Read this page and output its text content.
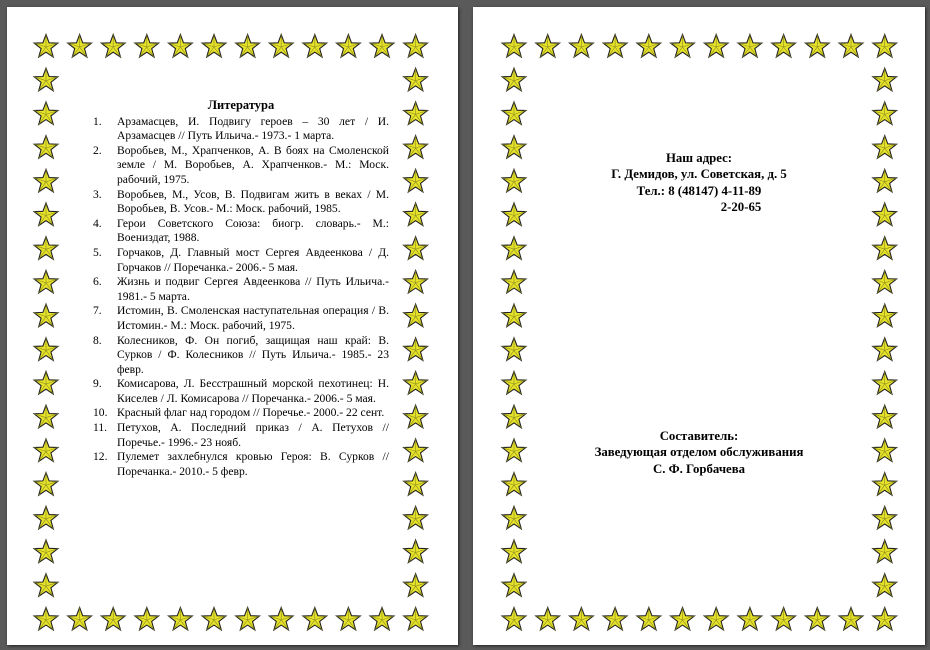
Литература
1.	Арзамасцев, И. Подвигу героев – 30 лет / И. Арзамасцев // Путь Ильича.- 1973.- 1 марта.
2.	Воробьев, М., Храпченков, А. В боях на Смоленской земле / М. Воробьев, А. Храпченков.- М.: Моск. рабочий, 1975.
3.	Воробьев, М., Усов, В. Подвигам жить в веках / М. Воробьев, В. Усов.- М.: Моск. рабочий, 1985.
4.	Герои Советского Союза: биогр. словарь.- М.: Воениздат, 1988.
5.	Горчаков, Д. Главный мост Сергея Авдеенкова / Д. Горчаков // Поречанка.- 2006.- 5 мая.
6.	Жизнь и подвиг Сергея Авдеенкова // Путь Ильича.- 1981.- 5 марта.
7.	Истомин, В. Смоленская наступательная операция / В. Истомин.- М.: Моск. рабочий, 1975.
8.	Колесников, Ф. Он погиб, защищая наш край: В. Сурков / Ф. Колесников // Путь Ильича.- 1985.- 23 февр.
9.	Комисарова, Л. Бесстрашный морской пехотинец: Н. Киселев / Л. Комисарова // Поречанка.- 2006.- 5 мая.
10. Красный флаг над городом // Поречье.- 2000.- 22 сент.
11. Петухов, А. Последний приказ / А. Петухов // Поречье.- 1996.- 23 нояб.
12. Пулемет захлебнулся кровью Героя: В. Сурков // Поречанка.- 2010.- 5 февр.
Наш адрес:
Г. Демидов, ул. Советская, д. 5
Тел.: 8 (48147) 4-11-89
2-20-65
Составитель:
Заведующая отделом обслуживания
С. Ф. Горбачева
